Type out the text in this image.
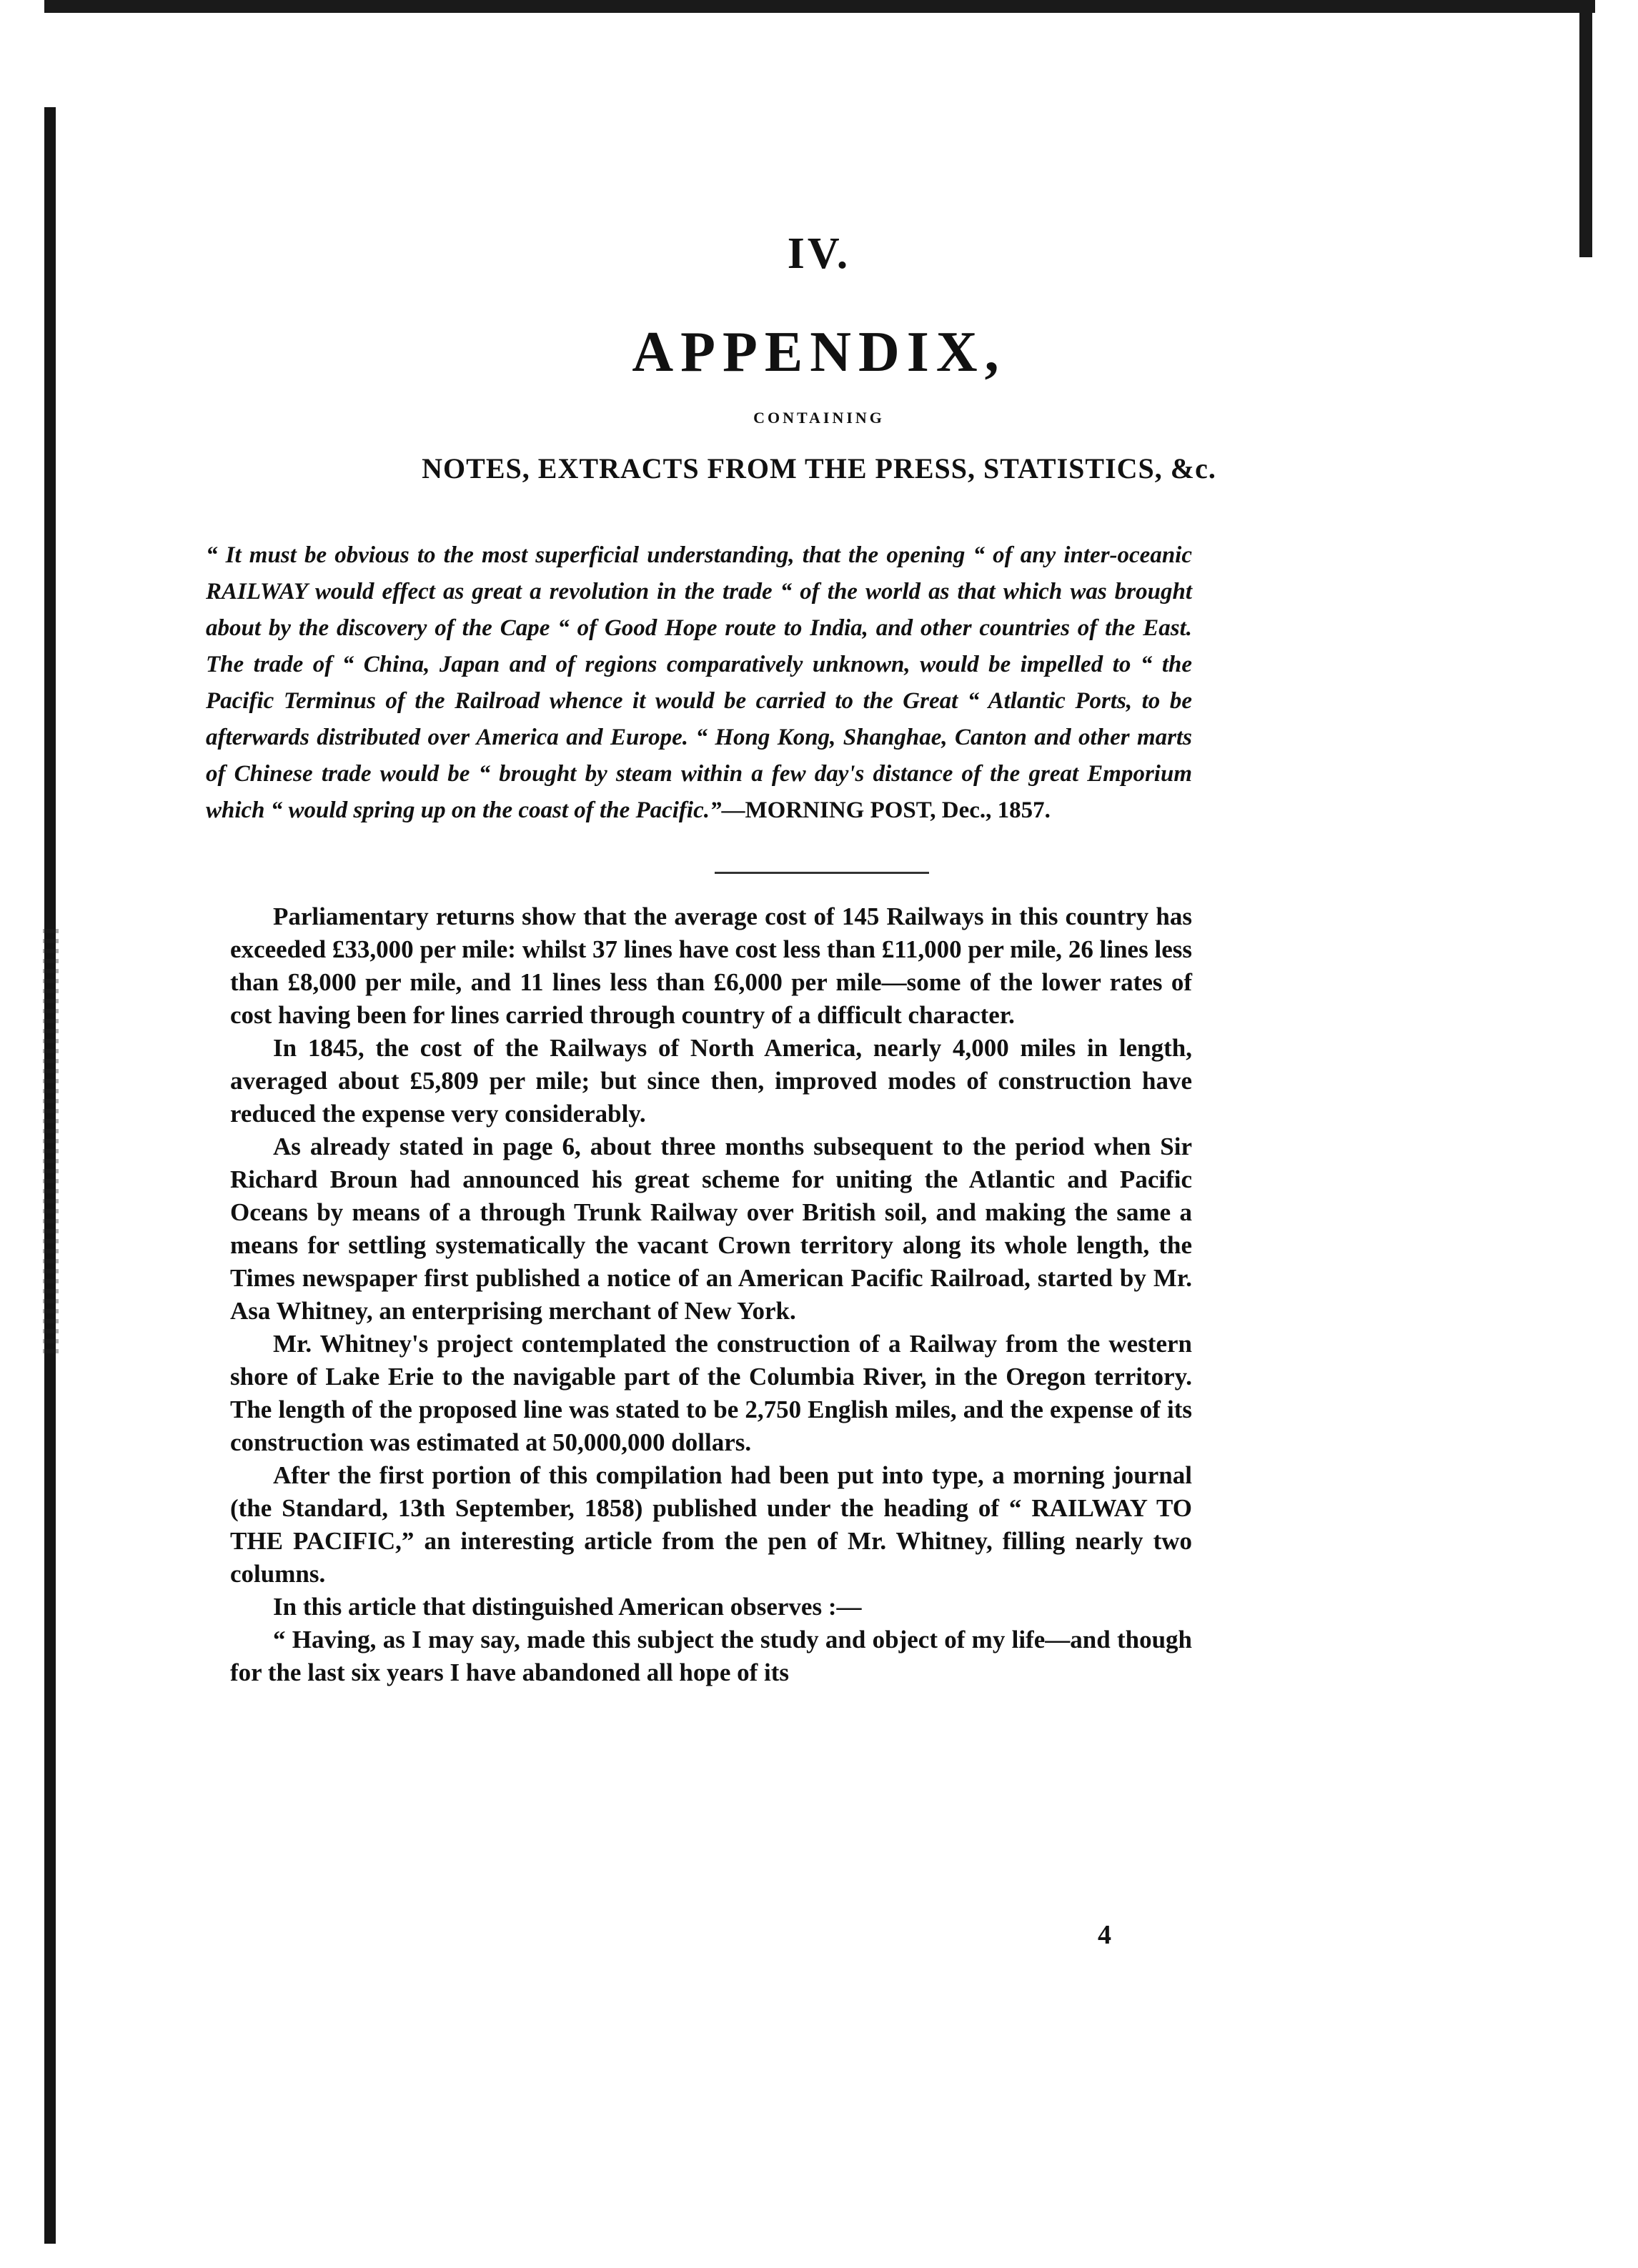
IV.
APPENDIX,
CONTAINING
NOTES, EXTRACTS FROM THE PRESS, STATISTICS, &c.

“ It must be obvious to the most superficial understanding, that the opening “ of any inter-oceanic RAILWAY would effect as great a revolution in the trade “ of the world as that which was brought about by the discovery of the Cape “ of Good Hope route to India, and other countries of the East. The trade of “ China, Japan and of regions comparatively unknown, would be impelled to “ the Pacific Terminus of the Railroad whence it would be carried to the Great “ Atlantic Ports, to be afterwards distributed over America and Europe. “ Hong Kong, Shanghae, Canton and other marts of Chinese trade would be “ brought by steam within a few day's distance of the great Emporium which “ would spring up on the coast of the Pacific.”—MORNING POST, Dec., 1857.

Parliamentary returns show that the average cost of 145 Railways in this country has exceeded £33,000 per mile: whilst 37 lines have cost less than £11,000 per mile, 26 lines less than £8,000 per mile, and 11 lines less than £6,000 per mile—some of the lower rates of cost having been for lines carried through country of a difficult character.

In 1845, the cost of the Railways of North America, nearly 4,000 miles in length, averaged about £5,809 per mile; but since then, improved modes of construction have reduced the expense very considerably.

As already stated in page 6, about three months subsequent to the period when Sir Richard Broun had announced his great scheme for uniting the Atlantic and Pacific Oceans by means of a through Trunk Railway over British soil, and making the same a means for settling systematically the vacant Crown territory along its whole length, the Times newspaper first published a notice of an American Pacific Railroad, started by Mr. Asa Whitney, an enterprising merchant of New York.

Mr. Whitney's project contemplated the construction of a Railway from the western shore of Lake Erie to the navigable part of the Columbia River, in the Oregon territory. The length of the proposed line was stated to be 2,750 English miles, and the expense of its construction was estimated at 50,000,000 dollars.

After the first portion of this compilation had been put into type, a morning journal (the Standard, 13th September, 1858) published under the heading of “ RAILWAY TO THE PACIFIC,” an interesting article from the pen of Mr. Whitney, filling nearly two columns.

In this article that distinguished American observes :—

“ Having, as I may say, made this subject the study and object of my life—and though for the last six years I have abandoned all hope of its

4
